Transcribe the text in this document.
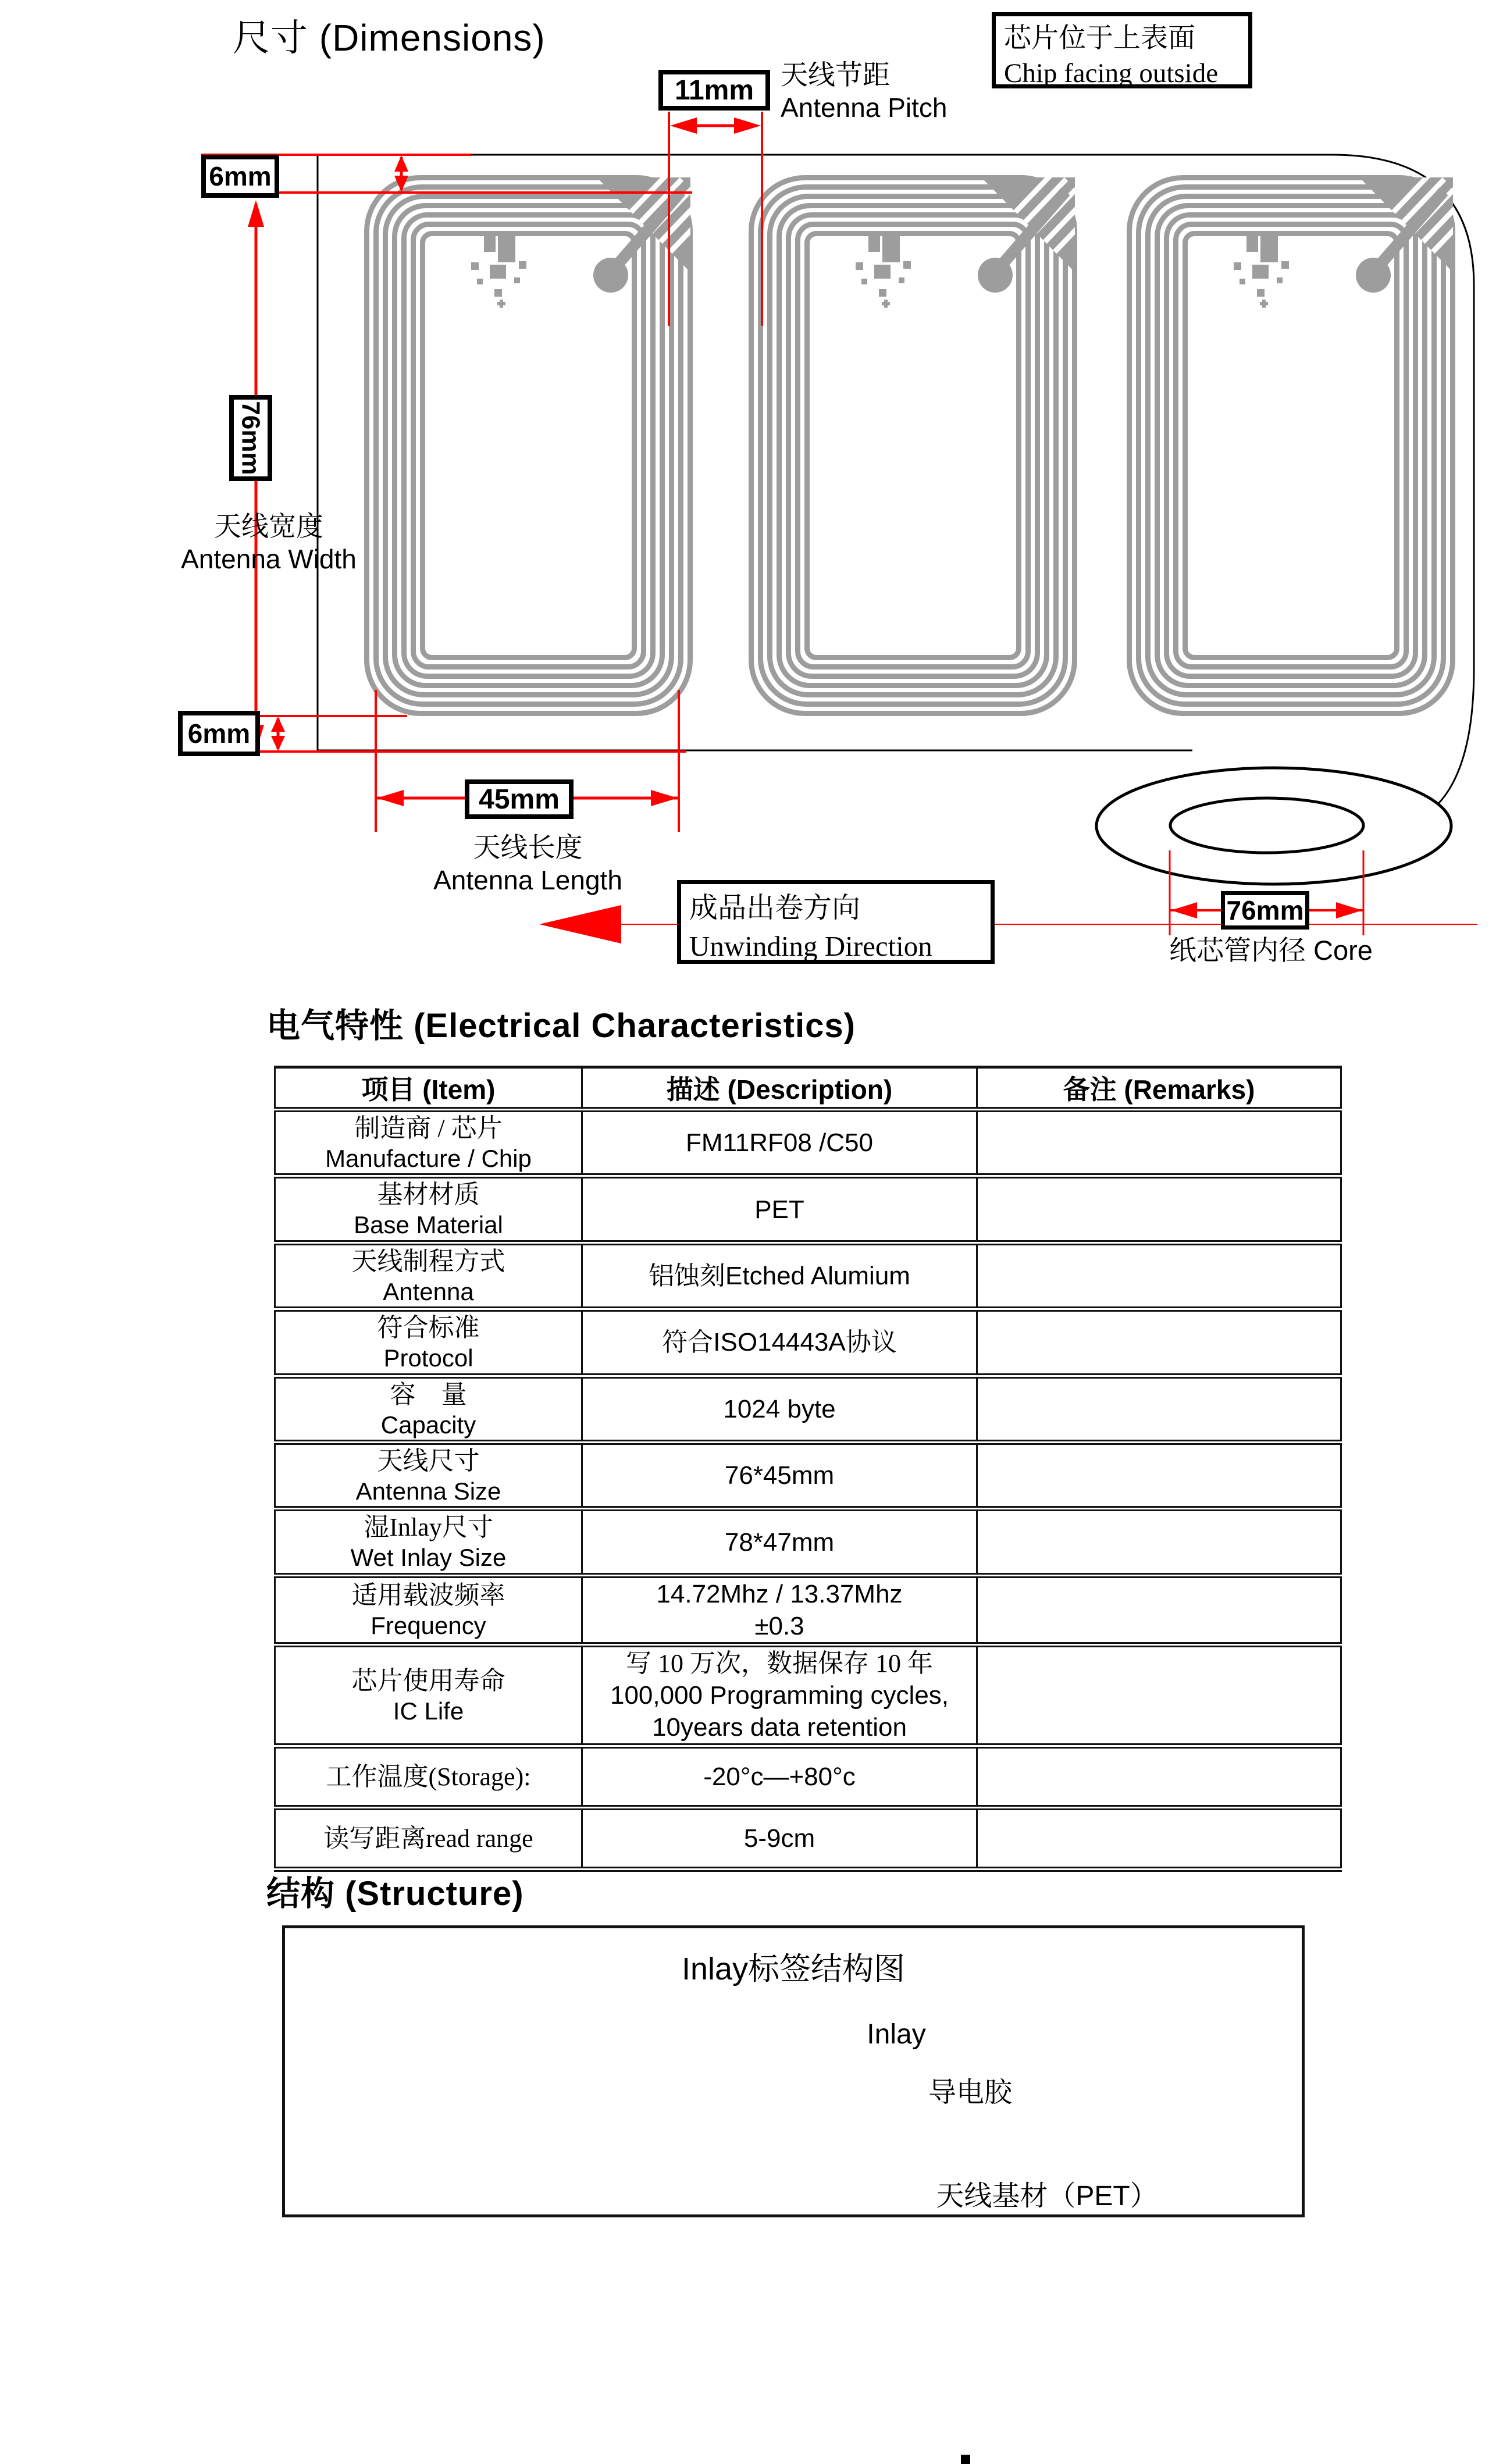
尺寸 (Dimensions)	芯片位于上表面
Chip facing outside
11mm 天线节距
Antenna Pitch
6mm
76mm
天线宽度
Antenna Width
6mm
45mm
天线长度
Antenna Length
成品出卷方向
Unwinding Direction
76mm
纸芯管内径 Core
电气特性 (Electrical Characteristics)
项目 (Item)	描述 (Description)	备注 (Remarks)

制造商 / 芯片
Manufacture / Chip	FM11RF08 /C50	

基材材质
Base Material	PET	

天线制程方式
Antenna	铝蚀刻Etched Alumium	

符合标准
Protocol	符合ISO14443A协议	

容　量
Capacity	1024 byte	

天线尺寸
Antenna Size	76*45mm	

湿Inlay尺寸
Wet Inlay Size	78*47mm	

适用载波频率
Frequency	14.72Mhz / 13.37Mhz
±0.3	

芯片使用寿命
IC Life	写 10 万次，数据保存 10 年
100,000 Programming cycles,
10years data retention	

工作温度(Storage):	-20°c—+80°c	

读写距离read range	5-9cm	

结构 (Structure)
Inlay标签结构图
Inlay
导电胶
天线基材（PET）
